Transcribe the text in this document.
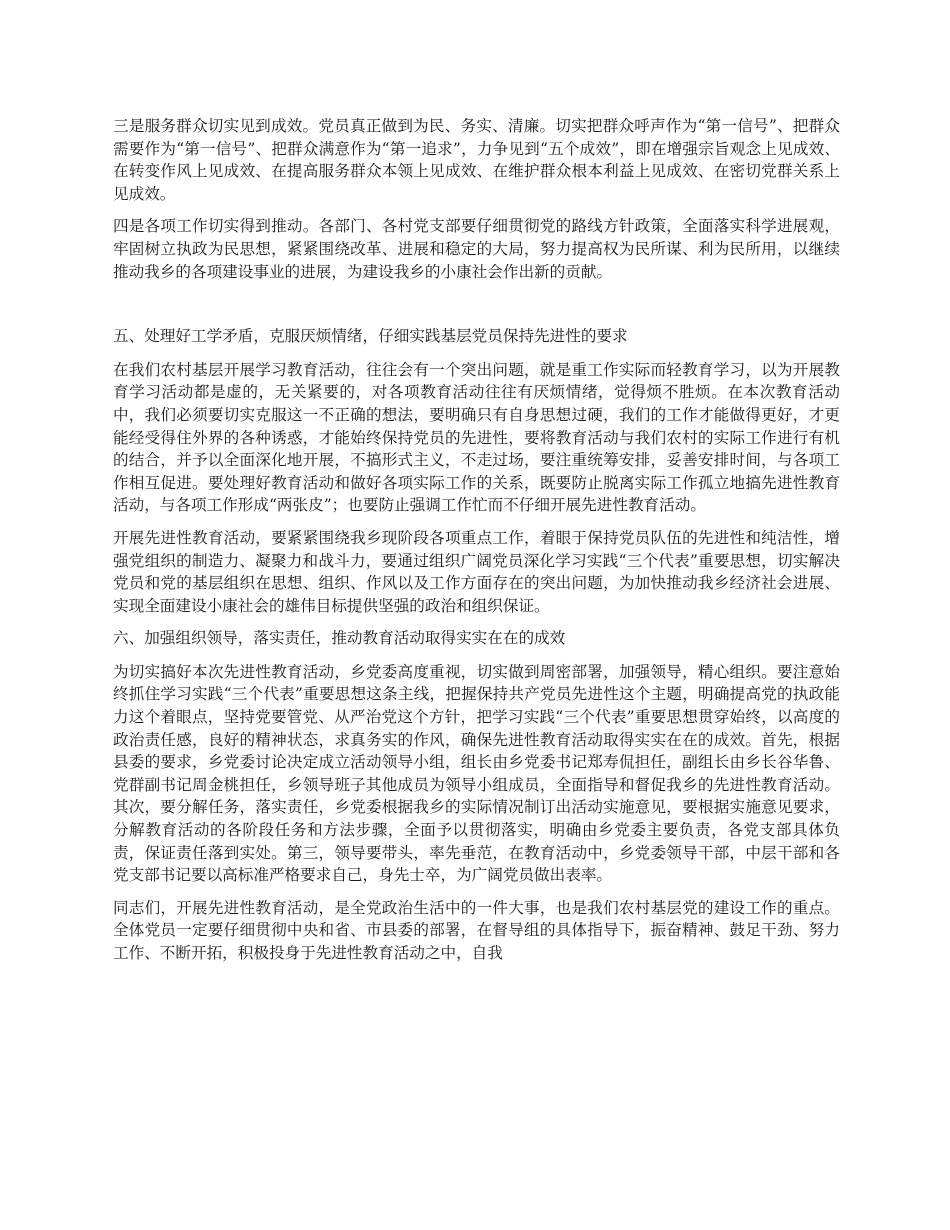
三是服务群众切实见到成效。党员真正做到为民、务实、清廉。切实把群众呼声作为“第一信号”、把群众需要作为“第一信号”、把群众满意作为“第一追求”，力争见到“五个成效”，即在增强宗旨观念上见成效、在转变作风上见成效、在提高服务群众本领上见成效、在维护群众根本利益上见成效、在密切党群关系上见成效。

四是各项工作切实得到推动。各部门、各村党支部要仔细贯彻党的路线方针政策，全面落实科学进展观，牢固树立执政为民思想，紧紧围绕改革、进展和稳定的大局，努力提高权为民所谋、利为民所用，以继续推动我乡的各项建设事业的进展，为建设我乡的小康社会作出新的贡献。

五、处理好工学矛盾，克服厌烦情绪，仔细实践基层党员保持先进性的要求

在我们农村基层开展学习教育活动，往往会有一个突出问题，就是重工作实际而轻教育学习，以为开展教育学习活动都是虚的，无关紧要的，对各项教育活动往往有厌烦情绪，觉得烦不胜烦。在本次教育活动中，我们必须要切实克服这一不正确的想法，要明确只有自身思想过硬，我们的工作才能做得更好，才更能经受得住外界的各种诱惑，才能始终保持党员的先进性，要将教育活动与我们农村的实际工作进行有机的结合，并予以全面深化地开展，不搞形式主义，不走过场，要注重统筹安排，妥善安排时间，与各项工作相互促进。要处理好教育活动和做好各项实际工作的关系，既要防止脱离实际工作孤立地搞先进性教育活动，与各项工作形成“两张皮”；也要防止强调工作忙而不仔细开展先进性教育活动。

开展先进性教育活动，要紧紧围绕我乡现阶段各项重点工作，着眼于保持党员队伍的先进性和纯洁性，增强党组织的制造力、凝聚力和战斗力，要通过组织广阔党员深化学习实践“三个代表”重要思想，切实解决党员和党的基层组织在思想、组织、作风以及工作方面存在的突出问题，为加快推动我乡经济社会进展、实现全面建设小康社会的雄伟目标提供坚强的政治和组织保证。

六、加强组织领导，落实责任，推动教育活动取得实实在在的成效

为切实搞好本次先进性教育活动，乡党委高度重视，切实做到周密部署，加强领导，精心组织。要注意始终抓住学习实践“三个代表”重要思想这条主线，把握保持共产党员先进性这个主题，明确提高党的执政能力这个着眼点，坚持党要管党、从严治党这个方针，把学习实践“三个代表”重要思想贯穿始终，以高度的政治责任感，良好的精神状态，求真务实的作风，确保先进性教育活动取得实实在在的成效。首先，根据县委的要求，乡党委讨论决定成立活动领导小组，组长由乡党委书记郑寿侃担任，副组长由乡长谷华鲁、党群副书记周金桃担任，乡领导班子其他成员为领导小组成员，全面指导和督促我乡的先进性教育活动。其次，要分解任务，落实责任，乡党委根据我乡的实际情况制订出活动实施意见，要根据实施意见要求，分解教育活动的各阶段任务和方法步骤，全面予以贯彻落实，明确由乡党委主要负责，各党支部具体负责，保证责任落到实处。第三，领导要带头，率先垂范，在教育活动中，乡党委领导干部，中层干部和各党支部书记要以高标准严格要求自己，身先士卒，为广阔党员做出表率。

同志们，开展先进性教育活动，是全党政治生活中的一件大事，也是我们农村基层党的建设工作的重点。全体党员一定要仔细贯彻中央和省、市县委的部署，在督导组的具体指导下，振奋精神、鼓足干劲、努力工作、不断开拓，积极投身于先进性教育活动之中，自我
